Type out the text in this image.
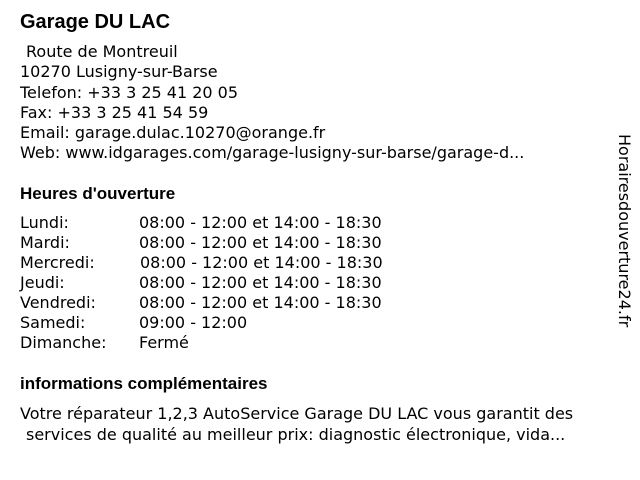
Garage DU LAC
Route de Montreuil
10270 Lusigny-sur-Barse
Telefon: +33 3 25 41 20 05
Fax: +33 3 25 41 54 59
Email: garage.dulac.10270@orange.fr
Web: www.idgarages.com/garage-lusigny-sur-barse/garage-d...
Heures d'ouverture
Lundi:	08:00 - 12:00 et 14:00 - 18:30
Mardi:	08:00 - 12:00 et 14:00 - 18:30
Mercredi:	08:00 - 12:00 et 14:00 - 18:30
Jeudi:	08:00 - 12:00 et 14:00 - 18:30
Vendredi:	08:00 - 12:00 et 14:00 - 18:30
Samedi:	09:00 - 12:00
Dimanche: Fermé
informations complémentaires
Votre réparateur 1,2,3 AutoService Garage DU LAC vous garantit des
services de qualité au meilleur prix: diagnostic électronique, vida...
Horairesdouverture24.fr
